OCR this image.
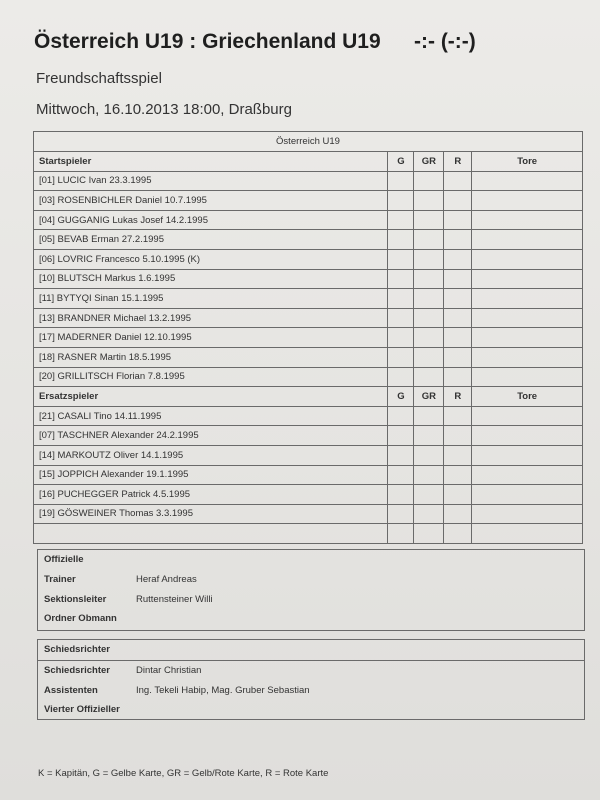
Österreich U19 : Griechenland U19 -:- (-:-)
Freundschaftsspiel
Mittwoch, 16.10.2013 18:00, Draßburg
Österreich U19				
Startspieler	G	GR	R	Tore
[01] LUCIC Ivan 23.3.1995				
[03] ROSENBICHLER Daniel 10.7.1995				
[04] GUGGANIG Lukas Josef 14.2.1995				
[05] BEVAB Erman 27.2.1995				
[06] LOVRIC Francesco 5.10.1995 (K)				
[10] BLUTSCH Markus 1.6.1995				
[11] BYTYQI Sinan 15.1.1995				
[13] BRANDNER Michael 13.2.1995				
[17] MADERNER Daniel 12.10.1995				
[18] RASNER Martin 18.5.1995				
[20] GRILLITSCH Florian 7.8.1995				
Ersatzspieler	G	GR	R	Tore
[21] CASALI Tino 14.11.1995				
[07] TASCHNER Alexander 24.2.1995				
[14] MARKOUTZ Oliver 14.1.1995				
[15] JOPPICH Alexander 19.1.1995				
[16] PUCHEGGER Patrick 4.5.1995				
[19] GÖSWEINER Thomas 3.3.1995				

Offizielle
Trainer	Heraf Andreas
Sektionsleiter	Ruttensteiner Willi
Ordner Obmann
Schiedsrichter
Schiedsrichter	Dintar Christian
Assistenten	Ing. Tekeli Habip, Mag. Gruber Sebastian
Vierter Offizieller
K = Kapitän, G = Gelbe Karte, GR = Gelb/Rote Karte, R = Rote Karte
